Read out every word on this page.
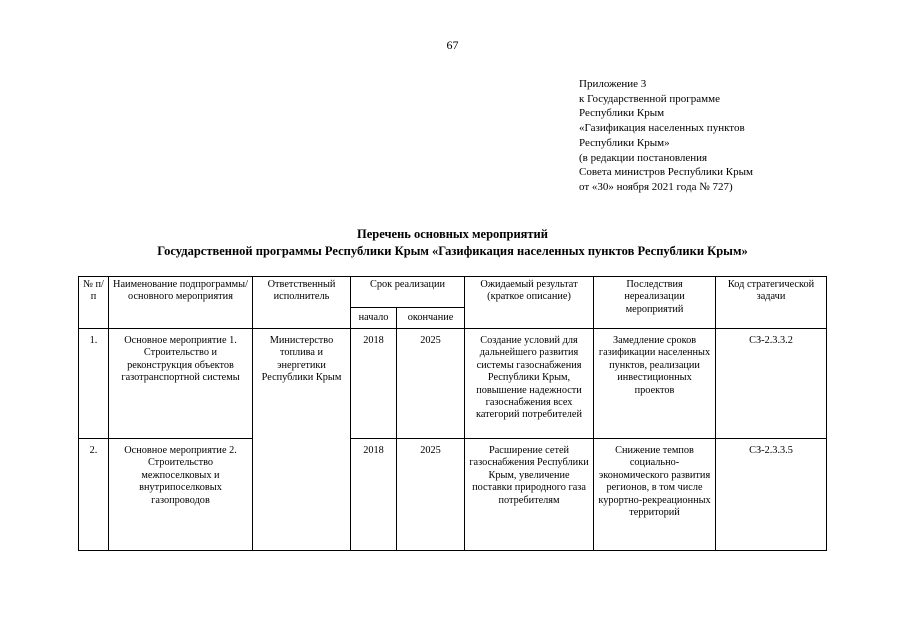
67
Приложение 3
к Государственной программе
Республики Крым
«Газификация населенных пунктов
Республики Крым»
(в редакции постановления
Совета министров Республики Крым
от «30» ноября 2021 года № 727)
Перечень основных мероприятий
Государственной программы Республики Крым «Газификация населенных пунктов Республики Крым»
№ п/п	Наименование подпрограммы/ основного мероприятия	Ответственный исполнитель	Срок реализации		Ожидаемый результат (краткое описание)	Последствия нереализации мероприятий	Код стратегической задачи
			начало	окончание			
1.	Основное мероприятие 1. Строительство и реконструкция объектов газотранспортной системы	Министерство топлива и энергетики Республики Крым	2018	2025	Создание условий для дальнейшего развития системы газоснабжения Республики Крым, повышение надежности газоснабжения всех категорий потребителей	Замедление сроков газификации населенных пунктов, реализации инвестиционных проектов	СЗ-2.3.3.2
2.	Основное мероприятие 2. Строительство межпоселковых и внутрипоселковых газопроводов		2018	2025	Расширение сетей газоснабжения Республики Крым, увеличение поставки природного газа потребителям	Снижение темпов социально-экономического развития регионов, в том числе курортно-рекреационных территорий	СЗ-2.3.3.5
